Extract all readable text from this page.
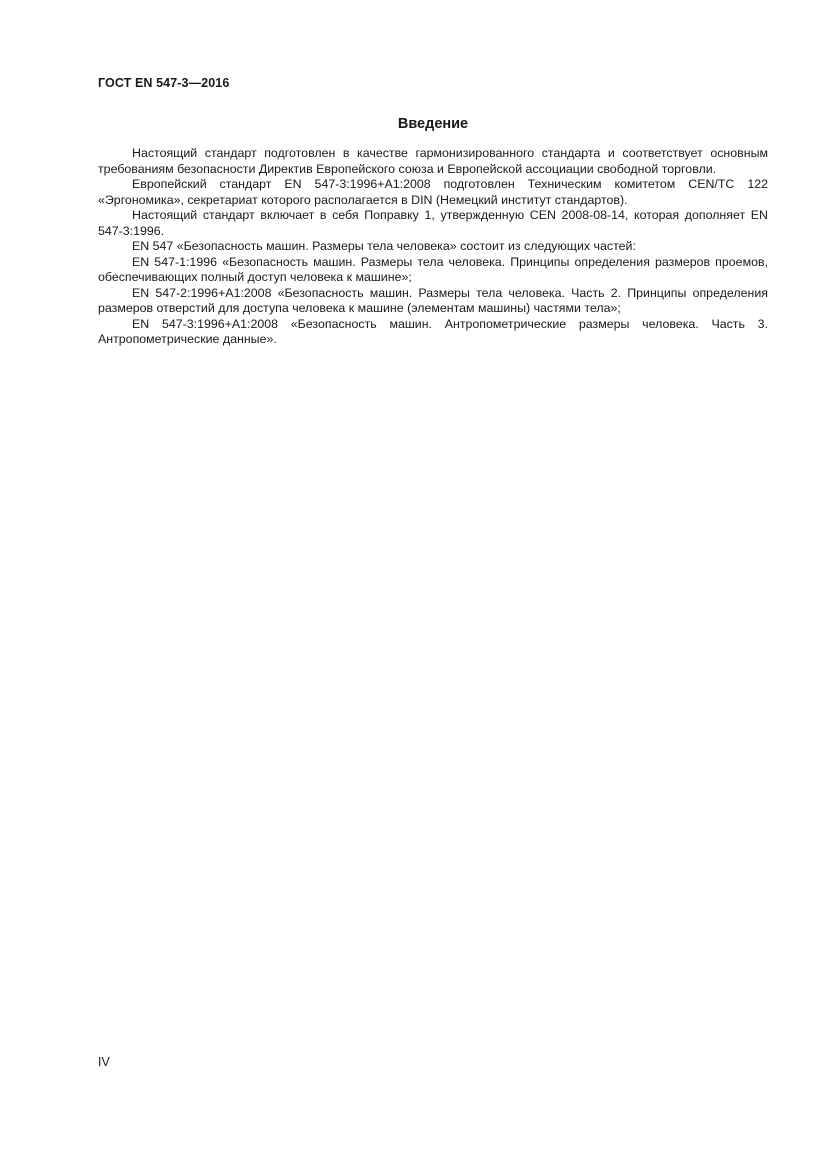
ГОСТ EN 547-3—2016
Введение

Настоящий стандарт подготовлен в качестве гармонизированного стандарта и соответствует основным требованиям безопасности Директив Европейского союза и Европейской ассоциации свободной торговли.

Европейский стандарт EN 547-3:1996+A1:2008 подготовлен Техническим комитетом CEN/TC 122 «Эргономика», секретариат которого располагается в DIN (Немецкий институт стандартов).

Настоящий стандарт включает в себя Поправку 1, утвержденную CEN 2008-08-14, которая дополняет EN 547-3:1996.

EN 547 «Безопасность машин. Размеры тела человека» состоит из следующих частей:

EN 547-1:1996 «Безопасность машин. Размеры тела человека. Принципы определения размеров проемов, обеспечивающих полный доступ человека к машине»;

EN 547-2:1996+A1:2008 «Безопасность машин. Размеры тела человека. Часть 2. Принципы определения размеров отверстий для доступа человека к машине (элементам машины) частями тела»;

EN 547-3:1996+A1:2008 «Безопасность машин. Антропометрические размеры человека. Часть 3. Антропометрические данные».

IV
